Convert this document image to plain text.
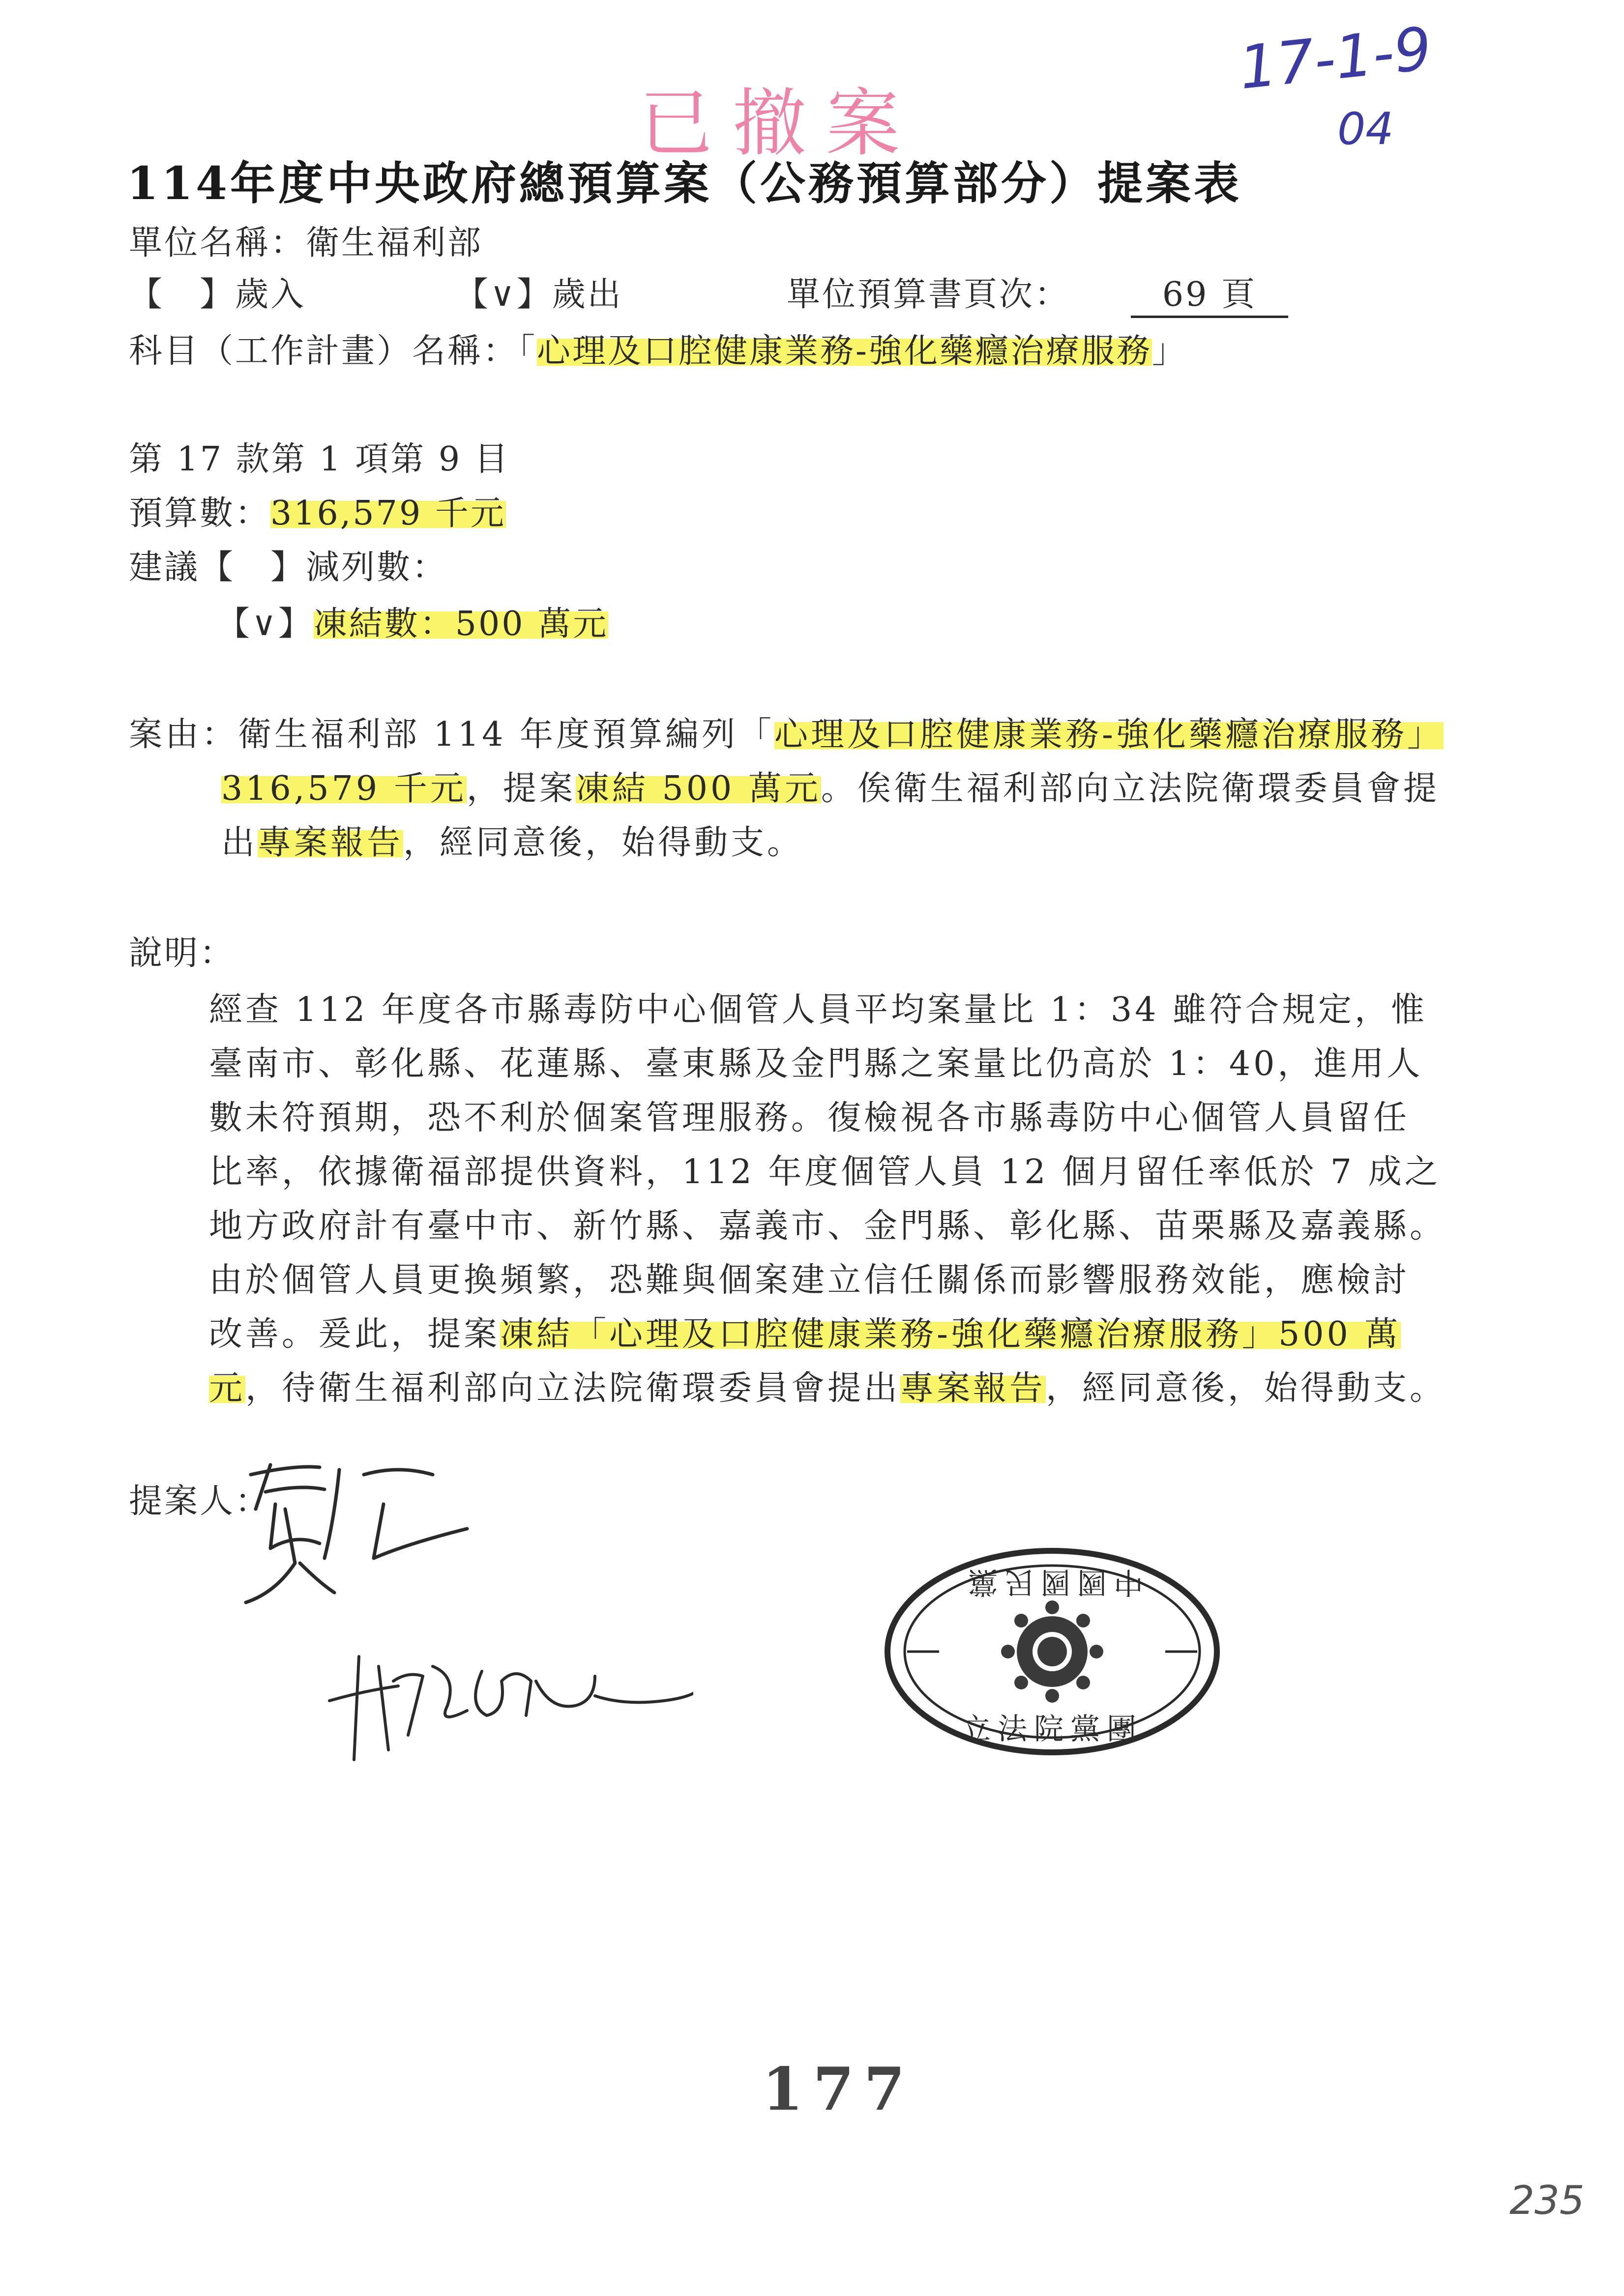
已撤案
17-1-9
04
114年度中央政府總預算案（公務預算部分）提案表
單位名稱：衛生福利部
【　】歲入	【∨】歲出	單位預算書頁次：	69 頁
科目（工作計畫）名稱：「心理及口腔健康業務-強化藥癮治療服務」
第 17 款第 1 項第 9 目
預算數：316,579 千元
建議【　】減列數：
【∨】凍結數：500 萬元
案由：衛生福利部 114 年度預算編列「心理及口腔健康業務-強化藥癮治療服務」
316,579 千元，提案凍結 500 萬元。俟衛生福利部向立法院衛環委員會提
出專案報告，經同意後，始得動支。
說明：
經查 112 年度各市縣毒防中心個管人員平均案量比 1：34 雖符合規定，惟
臺南市、彰化縣、花蓮縣、臺東縣及金門縣之案量比仍高於 1：40，進用人
數未符預期，恐不利於個案管理服務。復檢視各市縣毒防中心個管人員留任
比率，依據衛福部提供資料，112 年度個管人員 12 個月留任率低於 7 成之
地方政府計有臺中市、新竹縣、嘉義市、金門縣、彰化縣、苗栗縣及嘉義縣。
由於個管人員更換頻繁，恐難與個案建立信任關係而影響服務效能，應檢討
改善。爰此，提案凍結「心理及口腔健康業務-強化藥癮治療服務」500 萬
元，待衛生福利部向立法院衛環委員會提出專案報告，經同意後，始得動支。
提案人：
中國國民黨
立法院黨團
177
235
